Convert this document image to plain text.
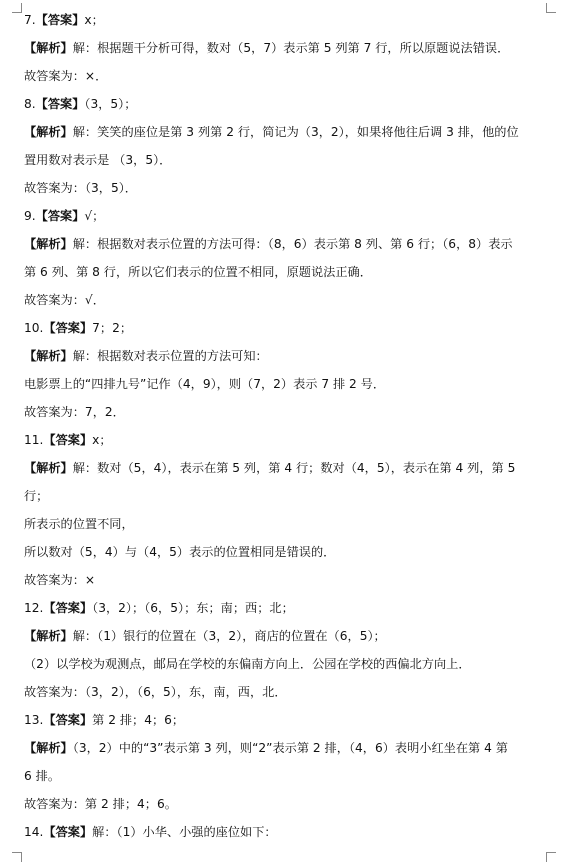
7.【答案】x；
【解析】解：根据题干分析可得，数对（5，7）表示第 5 列第 7 行，所以原题说法错误．
故答案为：×．
8.【答案】（3，5）；
【解析】解：笑笑的座位是第 3 列第 2 行，简记为（3，2），如果将他往后调 3 排，他的位
置用数对表示是 （3，5）．
故答案为：（3，5）．
9.【答案】√；
【解析】解：根据数对表示位置的方法可得：（8，6）表示第 8 列、第 6 行；（6，8）表示
第 6 列、第 8 行，所以它们表示的位置不相同，原题说法正确．
故答案为：√．
10.【答案】7；2；
【解析】解：根据数对表示位置的方法可知：
电影票上的“四排九号”记作（4，9），则（7，2）表示 7 排 2 号．
故答案为：7，2．
11.【答案】x；
【解析】解：数对（5，4），表示在第 5 列，第 4 行；数对（4，5），表示在第 4 列，第 5
行；
所表示的位置不同，
所以数对（5，4）与（4，5）表示的位置相同是错误的．
故答案为：×
12.【答案】（3，2）；（6，5）；东；南；西；北；
【解析】解：（1）银行的位置在（3，2），商店的位置在（6，5）；
（2）以学校为观测点，邮局在学校的东偏南方向上．公园在学校的西偏北方向上．
故答案为：（3，2），（6，5），东，南，西，北．
13.【答案】第 2 排；4；6；
【解析】（3，2）中的“3”表示第 3 列，则“2”表示第 2 排，（4，6）表明小红坐在第 4 第
6 排。
故答案为：第 2 排；4；6。
14.【答案】解：（1）小华、小强的座位如下：
